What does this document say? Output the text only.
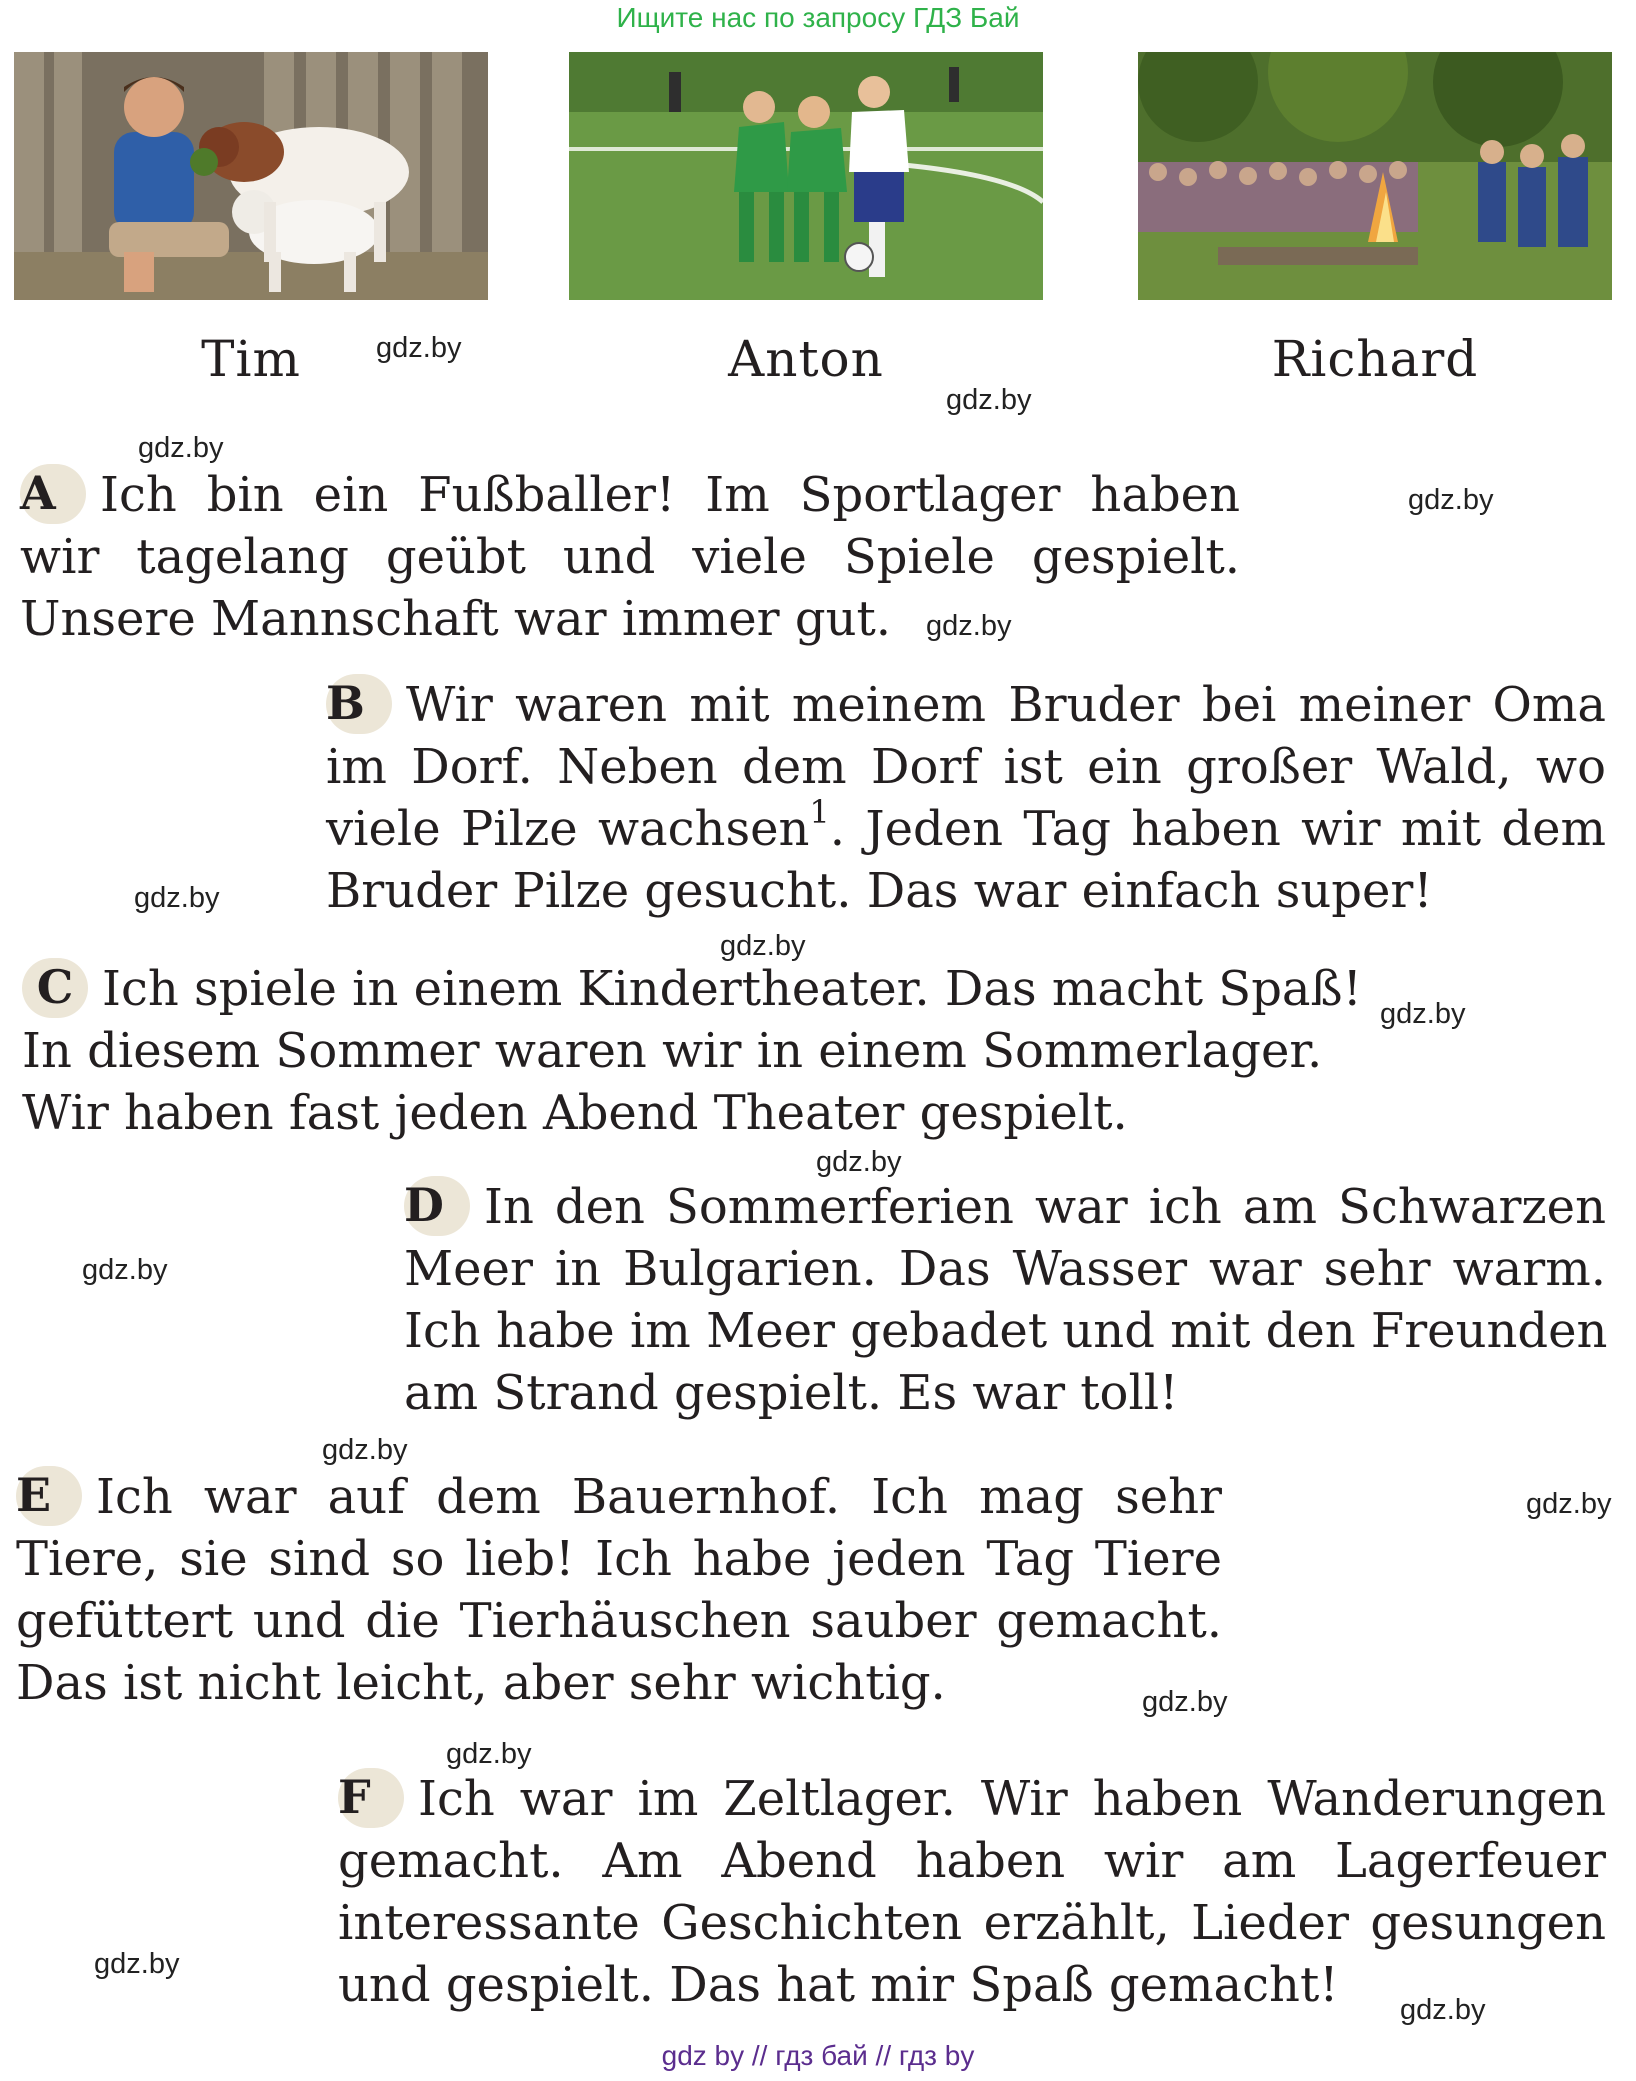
Ищите нас по запросу ГДЗ Бай
Tim	Anton	Richard
gdz.by
gdz.by
gdz.by
gdz.by
gdz.by
gdz.by
gdz.by
gdz.by
gdz.by
gdz.by
gdz.by
gdz.by
gdz.by
gdz.by
gdz.by
gdz.by
A Ich bin ein Fußballer! Im Sportlager haben
wir tagelang geübt und viele Spiele gespielt.
Unsere Mannschaft war immer gut.
B Wir waren mit meinem Bruder bei meiner Oma
im Dorf. Neben dem Dorf ist ein großer Wald, wo
viele Pilze wachsen$^1$. Jeden Tag haben wir mit dem
Bruder Pilze gesucht. Das war einfach super!
C Ich spiele in einem Kindertheater. Das macht Spaß!
In diesem Sommer waren wir in einem Sommerlager.
Wir haben fast jeden Abend Theater gespielt.
D In den Sommerferien war ich am Schwarzen
Meer in Bulgarien. Das Wasser war sehr warm.
Ich habe im Meer gebadet und mit den Freunden
am Strand gespielt. Es war toll!
E Ich war auf dem Bauernhof. Ich mag sehr
Tiere, sie sind so lieb! Ich habe jeden Tag Tiere
gefüttert und die Tierhäuschen sauber gemacht.
Das ist nicht leicht, aber sehr wichtig.
F Ich war im Zeltlager. Wir haben Wanderungen
gemacht. Am Abend haben wir am Lagerfeuer
interessante Geschichten erzählt, Lieder gesungen
und gespielt. Das hat mir Spaß gemacht!
gdz by // гдз бай // гдз by
